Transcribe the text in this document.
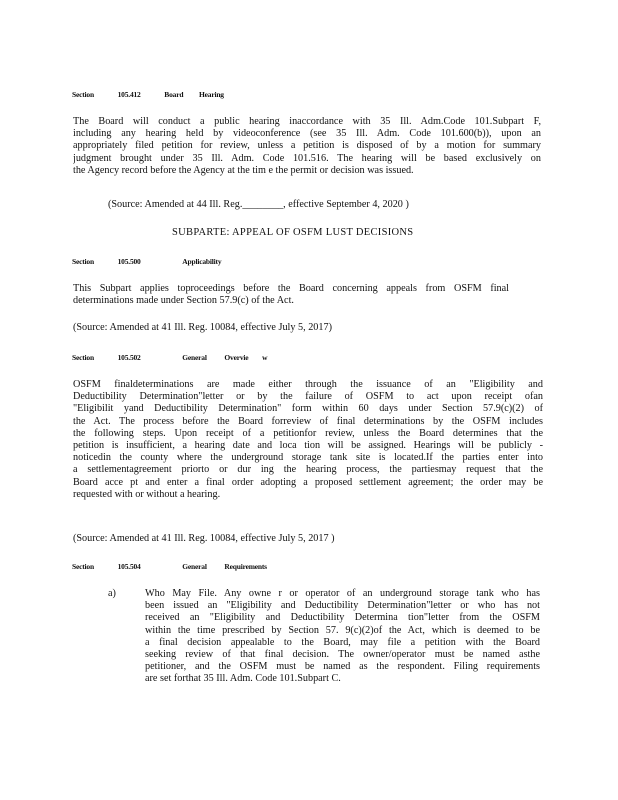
Section	105.412	Board Hearing
The Board will conduct a public hearing inaccordance with 35 Ill. Adm.Code 101.Subpart F,
including any hearing held by videoconference (see 35 Ill. Adm. Code 101.600(b)), upon an
appropriately filed petition for review, unless a petition is disposed of by a motion for summary
judgment brought under 35 Ill. Adm. Code 101.516. The hearing will be based exclusively on
the Agency record before the Agency at the tim e the permit or decision was issued.
(Source: Amended at 44 Ill. Reg.________, effective September 4, 2020 )
SUBPARTE: APPEAL OF OSFM LUST DECISIONS
Section	105.500	Applicability
This Subpart applies toproceedings before the Board concerning appeals from OSFM final
determinations made under Section 57.9(c) of the Act.
(Source: Amended at 41 Ill. Reg. 10084, effective July 5, 2017)
Section	105.502	General Overvie w
OSFM finaldeterminations are made either through the issuance of an "Eligibility and
Deductibility Determination"letter or by the failure of OSFM to act upon receipt ofan
"Eligibilit yand Deductibility Determination" form within 60 days under Section 57.9(c)(2) of
the Act. The process before the Board forreview of final determinations by the OSFM includes
the following steps. Upon receipt of a petitionfor review, unless the Board determines that the
petition is insufficient, a hearing date and loca tion will be assigned. Hearings will be publicly -
noticedin the county where the underground storage tank site is located.If the parties enter into
a settlementagreement priorto or dur ing the hearing process, the partiesmay request that the
Board acce pt and enter a final order adopting a proposed settlement agreement; the order may be
requested with or without a hearing.
(Source: Amended at 41 Ill. Reg. 10084, effective July 5, 2017 )
Section	105.504	General Requirements
a)	Who May File. Any owne r or operator of an underground storage tank who has
been issued an "Eligibility and Deductibility Determination"letter or who has not
received an "Eligibility and Deductibility Determina tion"letter from the OSFM
within the time prescribed by Section 57. 9(c)(2)of the Act, which is deemed to be
a final decision appealable to the Board, may file a petition with the Board
seeking review of that final decision. The owner/operator must be named asthe
petitioner, and the OSFM must be named as the respondent. Filing requirements
are set forthat 35 Ill. Adm. Code 101.Subpart C.
